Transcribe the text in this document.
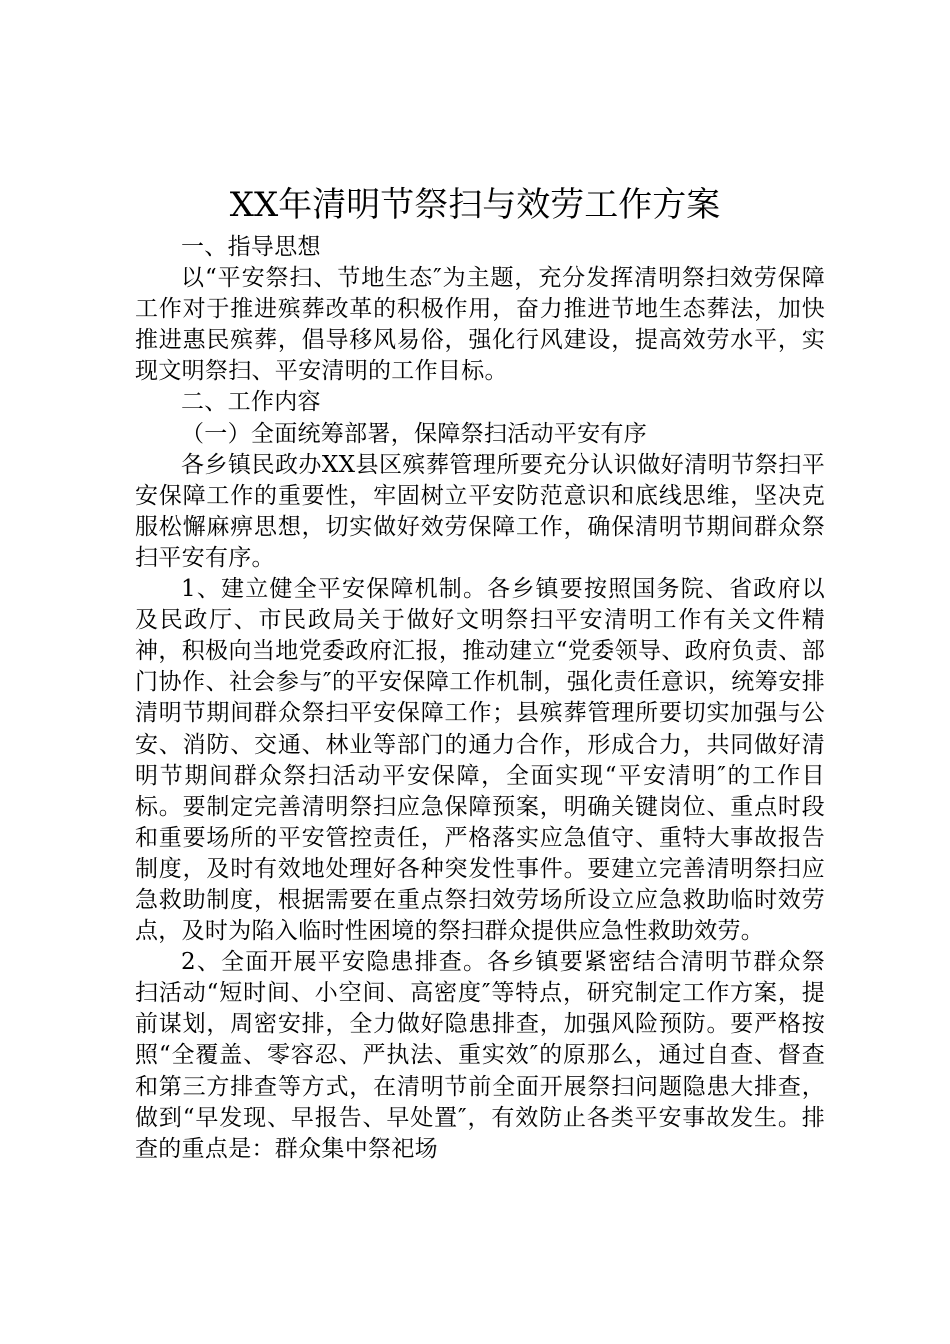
XX年清明节祭扫与效劳工作方案

一、指导思想

以“平安祭扫、节地生态″为主题，充分发挥清明祭扫效劳保障工作对于推进殡葬改革的积极作用，奋力推进节地生态葬法，加快推进惠民殡葬，倡导移风易俗，强化行风建设，提高效劳水平，实现文明祭扫、平安清明的工作目标。

二、工作内容

（一）全面统筹部署，保障祭扫活动平安有序

各乡镇民政办XX县区殡葬管理所要充分认识做好清明节祭扫平安保障工作的重要性，牢固树立平安防范意识和底线思维，坚决克服松懈麻痹思想，切实做好效劳保障工作，确保清明节期间群众祭扫平安有序。

1、建立健全平安保障机制。各乡镇要按照国务院、省政府以及民政厅、市民政局关于做好文明祭扫平安清明工作有关文件精神，积极向当地党委政府汇报，推动建立“党委领导、政府负责、部门协作、社会参与″的平安保障工作机制，强化责任意识，统筹安排清明节期间群众祭扫平安保障工作；县殡葬管理所要切实加强与公安、消防、交通、林业等部门的通力合作，形成合力，共同做好清明节期间群众祭扫活动平安保障，全面实现“平安清明″的工作目标。要制定完善清明祭扫应急保障预案，明确关键岗位、重点时段和重要场所的平安管控责任，严格落实应急值守、重特大事故报告制度，及时有效地处理好各种突发性事件。要建立完善清明祭扫应急救助制度，根据需要在重点祭扫效劳场所设立应急救助临时效劳点，及时为陷入临时性困境的祭扫群众提供应急性救助效劳。

2、全面开展平安隐患排查。各乡镇要紧密结合清明节群众祭扫活动“短时间、小空间、高密度″等特点，研究制定工作方案，提前谋划，周密安排，全力做好隐患排查，加强风险预防。要严格按照“全覆盖、零容忍、严执法、重实效″的原那么，通过自查、督查和第三方排查等方式，在清明节前全面开展祭扫问题隐患大排查，做到“早发现、早报告、早处置″，有效防止各类平安事故发生。排查的重点是：群众集中祭祀场
